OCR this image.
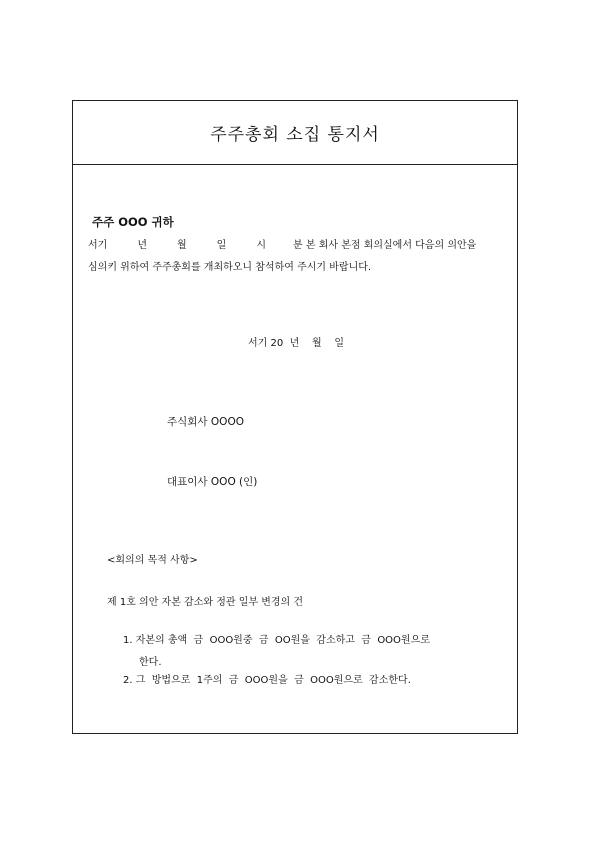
주주총회 소집 통지서
주주 OOO 귀하
서기	년	월	일	시	분 본 회사 본점 회의실에서 다음의 의안을
심의키 위하여 주주총회를 개최하오니 참석하여 주시기 바랍니다.
서기 20  년    월    일
주식회사 OOOO
대표이사 OOO (인)
<회의의 목적 사항>
제 1호 의안 자본 감소와 정관 일부 변경의 건
1. 자본의 총액  금  OOO원중  금  OO원을  감소하고  금  OOO원으로
한다.
2. 그  방법으로  1주의  금  OOO원을  금  OOO원으로  감소한다.
